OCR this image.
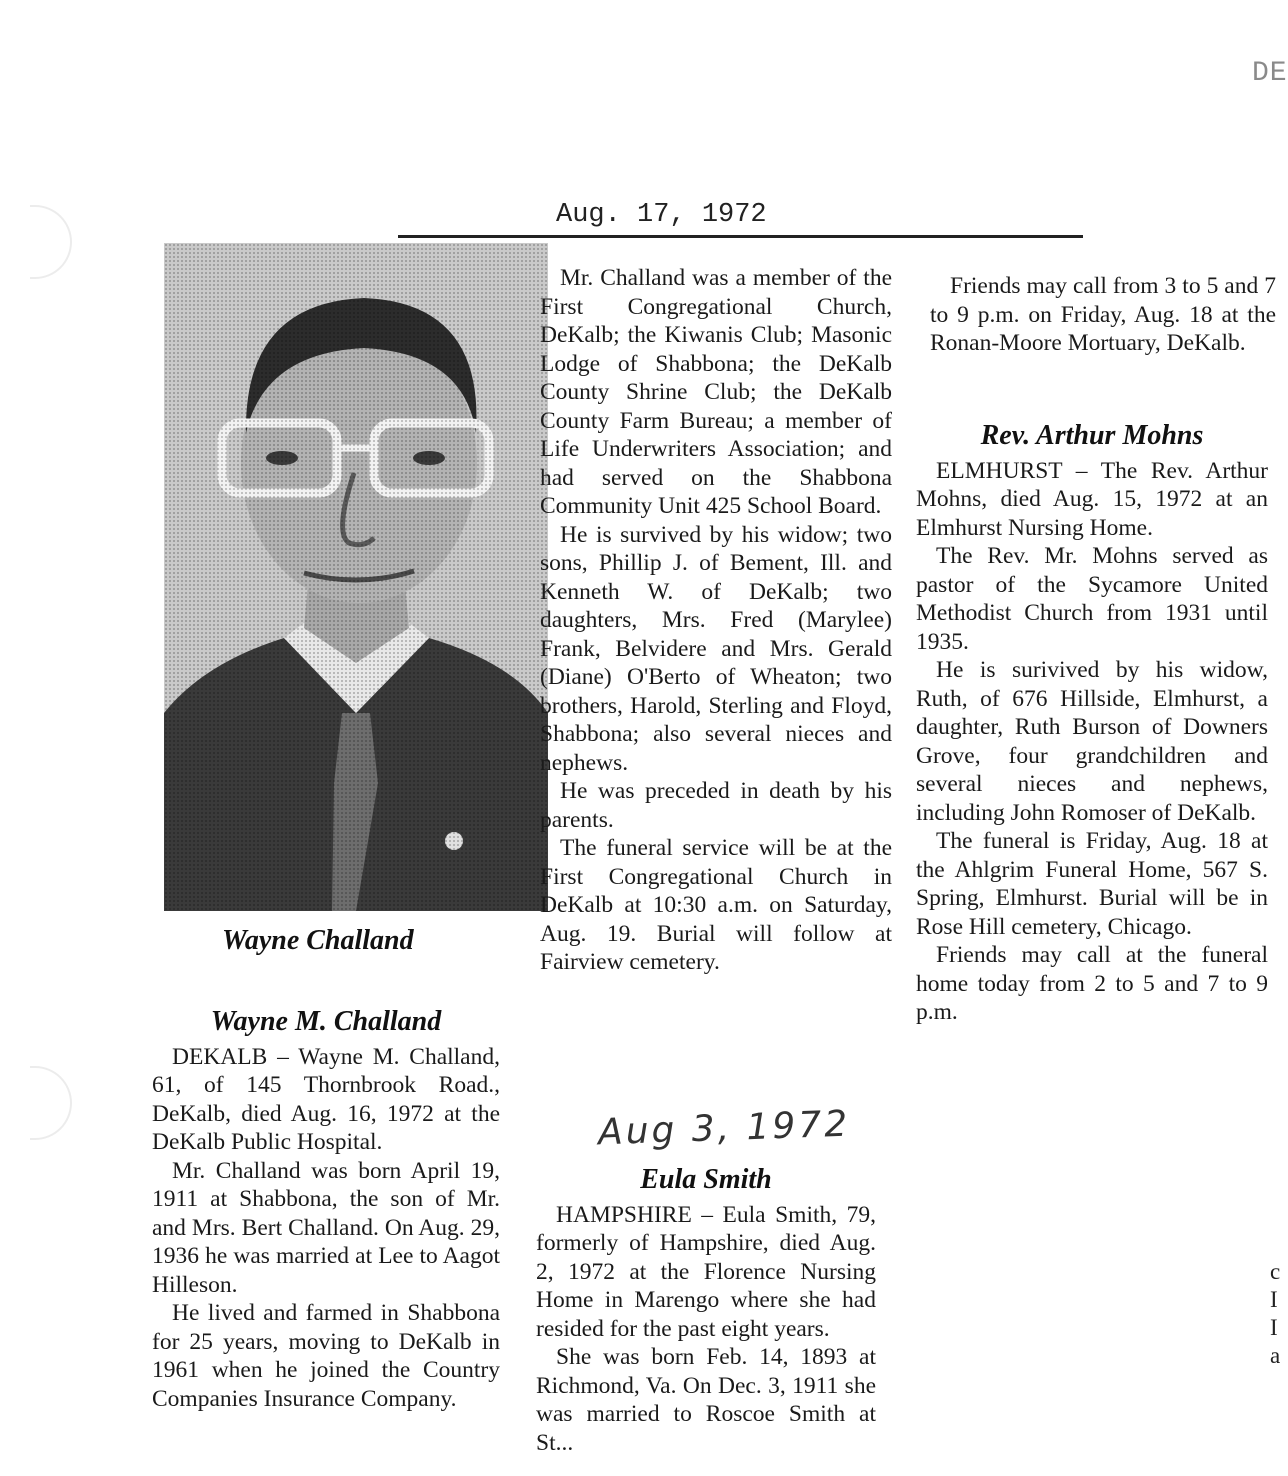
DE
Aug. 17, 1972
Wayne Challand
Wayne M. Challand

DEKALB – Wayne M. Challand, 61, of 145 Thornbrook Road., DeKalb, died Aug. 16, 1972 at the DeKalb Public Hospital.

Mr. Challand was born April 19, 1911 at Shabbona, the son of Mr. and Mrs. Bert Challand. On Aug. 29, 1936 he was married at Lee to Aagot Hilleson.

He lived and farmed in Shabbona for 25 years, moving to DeKalb in 1961 when he joined the Country Companies Insurance Company.

Mr. Challand was a member of the First Congregational Church, DeKalb; the Kiwanis Club; Masonic Lodge of Shabbona; the DeKalb County Shrine Club; the DeKalb County Farm Bureau; a member of Life Underwriters Association; and had served on the Shabbona Community Unit 425 School Board.

He is survived by his widow; two sons, Phillip J. of Bement, Ill. and Kenneth W. of DeKalb; two daughters, Mrs. Fred (Marylee) Frank, Belvidere and Mrs. Gerald (Diane) O'Berto of Wheaton; two brothers, Harold, Sterling and Floyd, Shabbona; also several nieces and nephews.

He was preceded in death by his parents.

The funeral service will be at the First Congregational Church in DeKalb at 10:30 a.m. on Saturday, Aug. 19. Burial will follow at Fairview cemetery.

Aug 3, 1972
Eula Smith

HAMPSHIRE – Eula Smith, 79, formerly of Hampshire, died Aug. 2, 1972 at the Florence Nursing Home in Marengo where she had resided for the past eight years.

She was born Feb. 14, 1893 at Richmond, Va. On Dec. 3, 1911 she was married to Roscoe Smith at St...

Friends may call from 3 to 5 and 7 to 9 p.m. on Friday, Aug. 18 at the Ronan-Moore Mortuary, DeKalb.

Rev. Arthur Mohns

ELMHURST – The Rev. Arthur Mohns, died Aug. 15, 1972 at an Elmhurst Nursing Home.

The Rev. Mr. Mohns served as pastor of the Sycamore United Methodist Church from 1931 until 1935.

He is surivived by his widow, Ruth, of 676 Hillside, Elmhurst, a daughter, Ruth Burson of Downers Grove, four grandchildren and several nieces and nephews, including John Romoser of DeKalb.

The funeral is Friday, Aug. 18 at the Ahlgrim Funeral Home, 567 S. Spring, Elmhurst. Burial will be in Rose Hill cemetery, Chicago.

Friends may call at the funeral home today from 2 to 5 and 7 to 9 p.m.

c
I
I
a
